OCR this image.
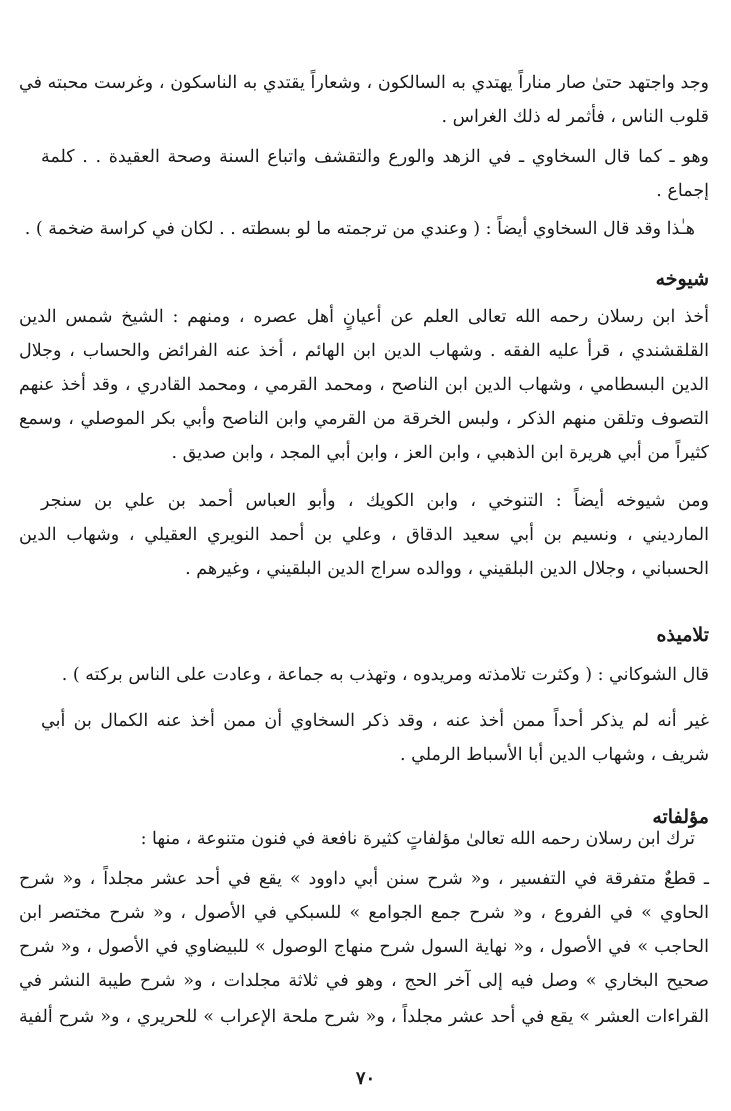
وجد واجتهد حتىٰ صار مناراً يهتدي به السالكون ، وشعاراً يقتدي به الناسكون ، وغرست محبته في
قلوب الناس ، فأثمر له ذلك الغراس .
وهو ـ كما قال السخاوي ـ في الزهد والورع والتقشف واتباع السنة وصحة العقيدة . . كلمة
إجماع .
هـٰذا وقد قال السخاوي أيضاً : ( وعندي من ترجمته ما لو بسطته . . لكان في كراسة ضخمة ) .
شيوخه
أخذ ابن رسلان رحمه الله تعالى العلم عن أعيانٍ أهل عصره ، ومنهم : الشيخ شمس الدين
القلقشندي ، قرأ عليه الفقه . وشهاب الدين ابن الهائم ، أخذ عنه الفرائض والحساب ، وجلال
الدين البسطامي ، وشهاب الدين ابن الناصح ، ومحمد القرمي ، ومحمد القادري ، وقد أخذ عنهم
التصوف وتلقن منهم الذكر ، ولبس الخرقة من القرمي وابن الناصح وأبي بكر الموصلي ، وسمع
كثيراً من أبي هريرة ابن الذهبي ، وابن العز ، وابن أبي المجد ، وابن صديق .
ومن شيوخه أيضاً : التنوخي ، وابن الكويك ، وأبو العباس أحمد بن علي بن سنجر
الماردیني ، ونسيم بن أبي سعيد الدقاق ، وعلي بن أحمد النويري العقيلي ، وشهاب الدين
الحسباني ، وجلال الدين البلقيني ، ووالده سراج الدين البلقيني ، وغيرهم .
تلاميذه
قال الشوكاني : ( وكثرت تلامذته ومريدوه ، وتهذب به جماعة ، وعادت على الناس بركته ) .
غير أنه لم يذكر أحداً ممن أخذ عنه ، وقد ذكر السخاوي أن ممن أخذ عنه الكمال بن أبي
شريف ، وشهاب الدين أبا الأسباط الرملي .
مؤلفاته
ترك ابن رسلان رحمه الله تعالىٰ مؤلفاتٍ كثيرة نافعة في فنون متنوعة ، منها :
ـ قطعٌ متفرقة في التفسير ، و« شرح سنن أبي داوود » يقع في أحد عشر مجلداً ، و« شرح
الحاوي » في الفروع ، و« شرح جمع الجوامع » للسبكي في الأصول ، و« شرح مختصر ابن
الحاجب » في الأصول ، و« نهاية السول شرح منهاج الوصول » للبيضاوي في الأصول ، و« شرح
صحيح البخاري » وصل فيه إلى آخر الحج ، وهو في ثلاثة مجلدات ، و« شرح طيبة النشر في
القراءات العشر » يقع في أحد عشر مجلداً ، و« شرح ملحة الإعراب » للحريري ، و« شرح ألفية
٧٠
